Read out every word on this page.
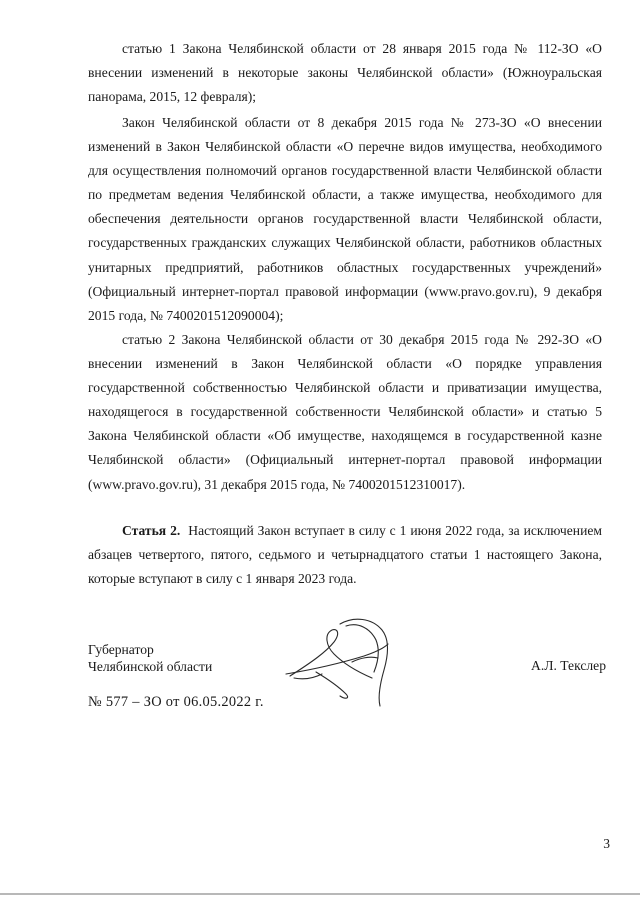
статью 1 Закона Челябинской области от 28 января 2015 года № 112-ЗО «О внесении изменений в некоторые законы Челябинской области» (Южноуральская панорама, 2015, 12 февраля);

Закон Челябинской области от 8 декабря 2015 года № 273-ЗО «О внесении изменений в Закон Челябинской области «О перечне видов имущества, необходимого для осуществления полномочий органов государственной власти Челябинской области по предметам ведения Челябинской области, а также имущества, необходимого для обеспечения деятельности органов государственной власти Челябинской области, государственных гражданских служащих Челябинской области, работников областных унитарных предприятий, работников областных государственных учреждений» (Официальный интернет-портал правовой информации (www.pravo.gov.ru), 9 декабря 2015 года, № 7400201512090004);

статью 2 Закона Челябинской области от 30 декабря 2015 года № 292-ЗО «О внесении изменений в Закон Челябинской области «О порядке управления государственной собственностью Челябинской области и приватизации имущества, находящегося в государственной собственности Челябинской области» и статью 5 Закона Челябинской области «Об имуществе, находящемся в государственной казне Челябинской области» (Официальный интернет-портал правовой информации (www.pravo.gov.ru), 31 декабря 2015 года, № 7400201512310017).

Статья 2. Настоящий Закон вступает в силу с 1 июня 2022 года, за исключением абзацев четвертого, пятого, седьмого и четырнадцатого статьи 1 настоящего Закона, которые вступают в силу с 1 января 2023 года.

Губернатор
Челябинской области	А.Л. Текслер
№ 577 – ЗО от 06.05.2022 г.
3
